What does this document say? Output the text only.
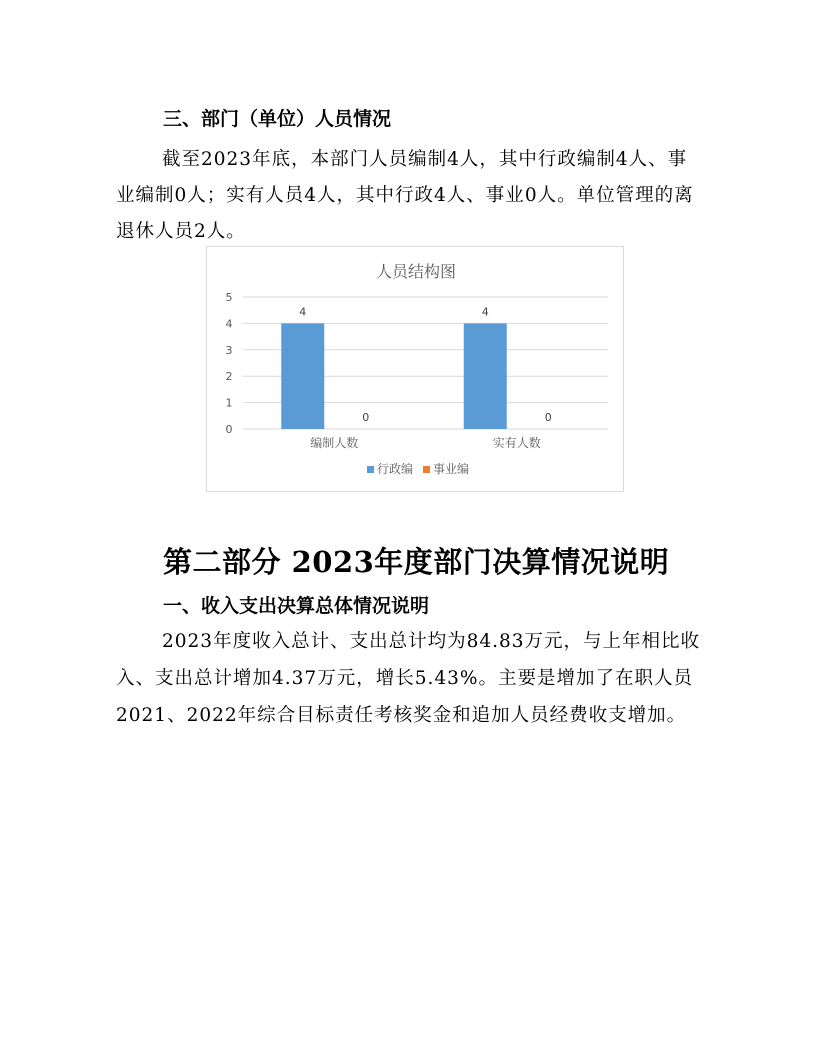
三、部门（单位）人员情况

截至2023年底，本部门人员编制4人，其中行政编制4人、事业编制0人；实有人员4人，其中行政4人、事业0人。单位管理的离退休人员2人。

人员结构图
0
1
2
3
4
5
4
0
编制人数
4
0
实有人数
行政编 事业编
第二部分 2023年度部门决算情况说明
一、收入支出决算总体情况说明

2023年度收入总计、支出总计均为84.83万元，与上年相比收入、支出总计增加4.37万元，增长5.43%。主要是增加了在职人员2021、2022年综合目标责任考核奖金和追加人员经费收支增加。
